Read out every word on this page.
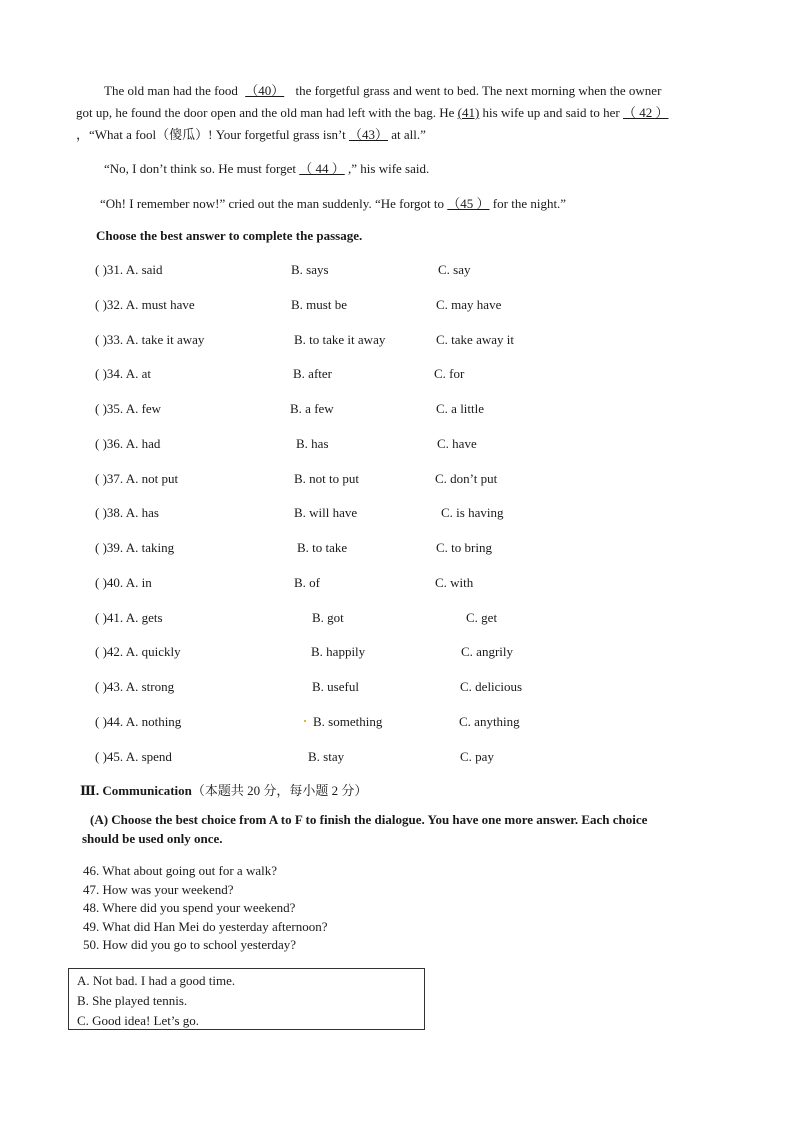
The old man had the food （40） the forgetful grass and went to bed. The next morning when the owner
got up, he found the door open and the old man had left with the bag. He (41) his wife up and said to her （ 42 ）
，“What a fool（傻瓜）! Your forgetful grass isn’t （43） at all.”
“No, I don’t think so. He must forget （ 44 ） ,” his wife said.
“Oh! I remember now!” cried out the man suddenly. “He forgot to （45 ） for the night.”
Choose the best answer to complete the passage.
( )31. A. said	B. says	C. say
( )32. A. must have	B. must be	C. may have
( )33. A. take it away	B. to take it away	C. take away it
( )34. A. at	B. after	C. for
( )35. A. few	B. a few	C. a little
( )36. A. had	B. has	C. have
( )37. A. not put	B. not to put	C. don’t put
( )38. A. has	B. will have	C. is having
( )39. A. taking	B. to take	C. to bring
( )40. A. in	B. of	C. with
( )41. A. gets	B. got	C. get
( )42. A. quickly	B. happily	C. angrily
( )43. A. strong	B. useful	C. delicious
( )44. A. nothing	B. something	C. anything
( )45. A. spend	B. stay	C. pay
Ⅲ. Communication（本题共 20 分，每小题 2 分）
(A) Choose the best choice from A to F to finish the dialogue. You have one more answer. Each choice
should be used only once.
46. What about going out for a walk?
47. How was your weekend?
48. Where did you spend your weekend?
49. What did Han Mei do yesterday afternoon?
50. How did you go to school yesterday?
A. Not bad. I had a good time.
B. She played tennis.
C. Good idea! Let’s go.
